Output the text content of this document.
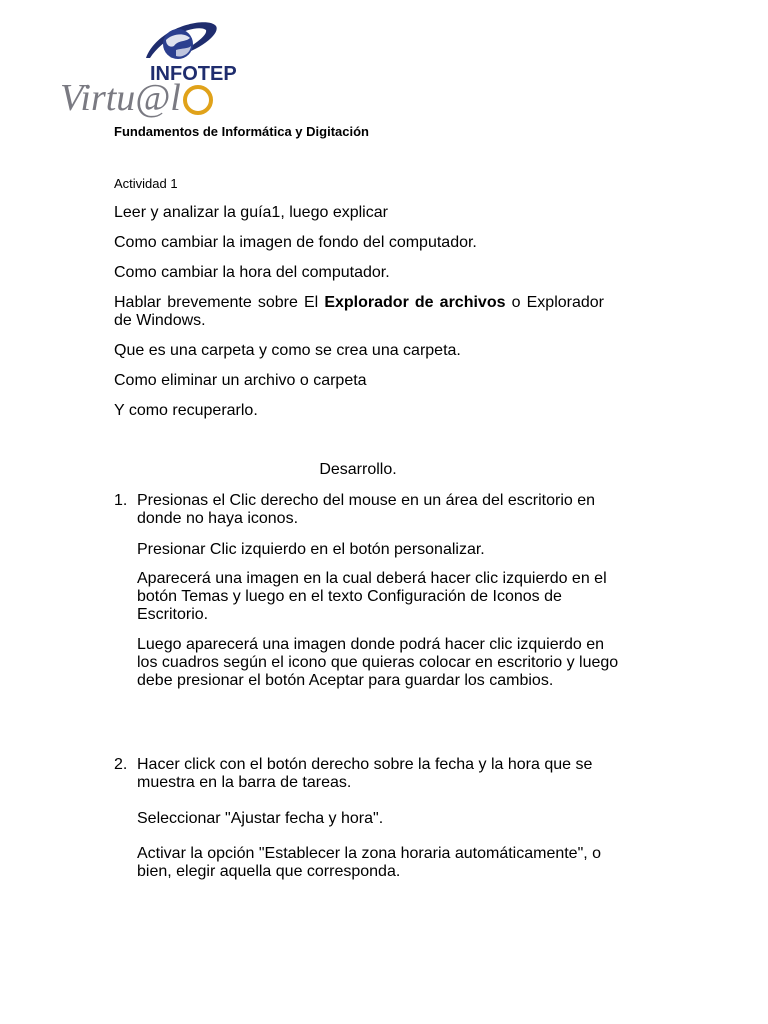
INFOTEP
Virtu@l

Fundamentos de Informática y Digitación

Actividad 1

Leer y analizar la guía1, luego explicar

Como cambiar la imagen de fondo del computador.

Como cambiar la hora del computador.

Hablar brevemente sobre El Explorador de archivos o Explorador de Windows.

Que es una carpeta y como se crea una carpeta.

Como eliminar un archivo o carpeta

Y como recuperarlo.

Desarrollo.

1. Presionas el Clic derecho del mouse en un área del escritorio en donde no haya iconos.

Presionar Clic izquierdo en el botón personalizar.

Aparecerá una imagen en la cual deberá hacer clic izquierdo en el botón Temas y luego en el texto Configuración de Iconos de Escritorio.

Luego aparecerá una imagen donde podrá hacer clic izquierdo en los cuadros según el icono que quieras colocar en escritorio y luego debe presionar el botón Aceptar para guardar los cambios.

2. Hacer click con el botón derecho sobre la fecha y la hora que se muestra en la barra de tareas.

Seleccionar "Ajustar fecha y hora".

Activar la opción "Establecer la zona horaria automáticamente", o bien, elegir aquella que corresponda.
